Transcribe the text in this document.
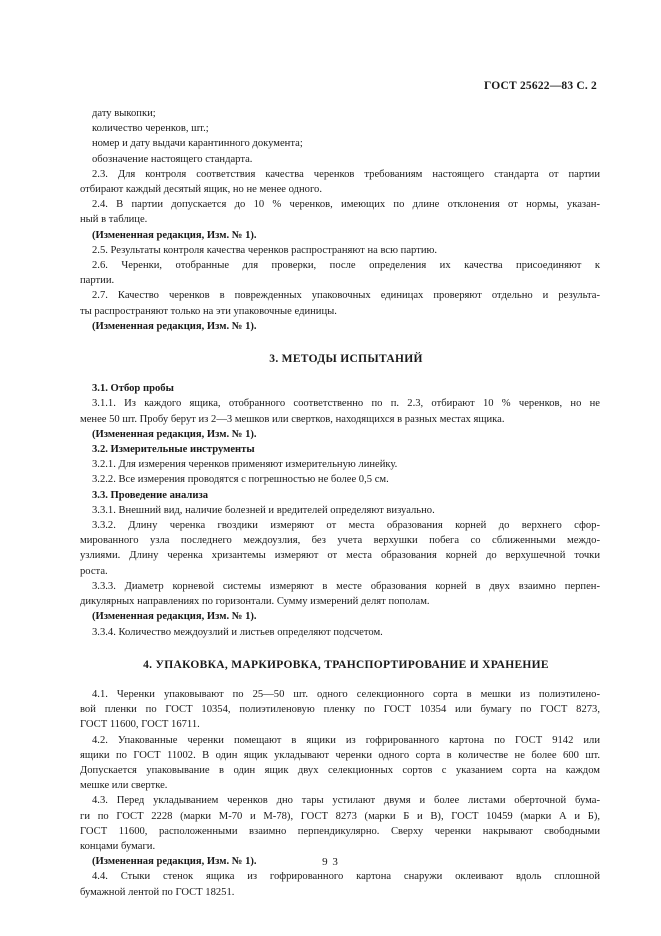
ГОСТ 25622—83 С. 2
дату выкопки;
количество черенков, шт.;
номер и дату выдачи карантинного документа;
обозначение настоящего стандарта.
2.3. Для контроля соответствия качества черенков требованиям настоящего стандарта от партии
отбирают каждый десятый ящик, но не менее одного.
2.4. В партии допускается до 10 % черенков, имеющих по длине отклонения от нормы, указан-
ный в таблице.
(Измененная редакция, Изм. № 1).
2.5. Результаты контроля качества черенков распространяют на всю партию.
2.6. Черенки, отобранные для проверки, после определения их качества присоединяют к
партии.
2.7. Качество черенков в поврежденных упаковочных единицах проверяют отдельно и результа-
ты распространяют только на эти упаковочные единицы.
(Измененная редакция, Изм. № 1).
3. МЕТОДЫ ИСПЫТАНИЙ
3.1. Отбор пробы
3.1.1. Из каждого ящика, отобранного соответственно по п. 2.3, отбирают 10 % черенков, но не
менее 50 шт. Пробу берут из 2—3 мешков или свертков, находящихся в разных местах ящика.
(Измененная редакция, Изм. № 1).
3.2. Измерительные инструменты
3.2.1. Для измерения черенков применяют измерительную линейку.
3.2.2. Все измерения проводятся с погрешностью не более 0,5 см.
3.3. Проведение анализа
3.3.1. Внешний вид, наличие болезней и вредителей определяют визуально.
3.3.2. Длину черенка гвоздики измеряют от места образования корней до верхнего сфор-
мированного узла последнего междоузлия, без учета верхушки побега со сближенными междо-
узлиями. Длину черенка хризантемы измеряют от места образования корней до верхушечной точки
роста.
3.3.3. Диаметр корневой системы измеряют в месте образования корней в двух взаимно перпен-
дикулярных направлениях по горизонтали. Сумму измерений делят пополам.
(Измененная редакция, Изм. № 1).
3.3.4. Количество междоузлий и листьев определяют подсчетом.
4. УПАКОВКА, МАРКИРОВКА, ТРАНСПОРТИРОВАНИЕ И ХРАНЕНИЕ
4.1. Черенки упаковывают по 25—50 шт. одного селекционного сорта в мешки из полиэтилено-
вой пленки по ГОСТ 10354, полиэтиленовую пленку по ГОСТ 10354 или бумагу по ГОСТ 8273,
ГОСТ 11600, ГОСТ 16711.
4.2. Упакованные черенки помещают в ящики из гофрированного картона по ГОСТ 9142 или
ящики по ГОСТ 11002. В один ящик укладывают черенки одного сорта в количестве не более 600 шт.
Допускается упаковывание в один ящик двух селекционных сортов с указанием сорта на каждом
мешке или свертке.
4.3. Перед укладыванием черенков дно тары устилают двумя и более листами оберточной бума-
ги по ГОСТ 2228 (марки М-70 и М-78), ГОСТ 8273 (марки Б и В), ГОСТ 10459 (марки А и Б),
ГОСТ 11600, расположенными взаимно перпендикулярно. Сверху черенки накрывают свободными
концами бумаги.
(Измененная редакция, Изм. № 1).
4.4. Стыки стенок ящика из гофрированного картона снаружи оклеивают вдоль сплошной
бумажной лентой по ГОСТ 18251.
9 3
